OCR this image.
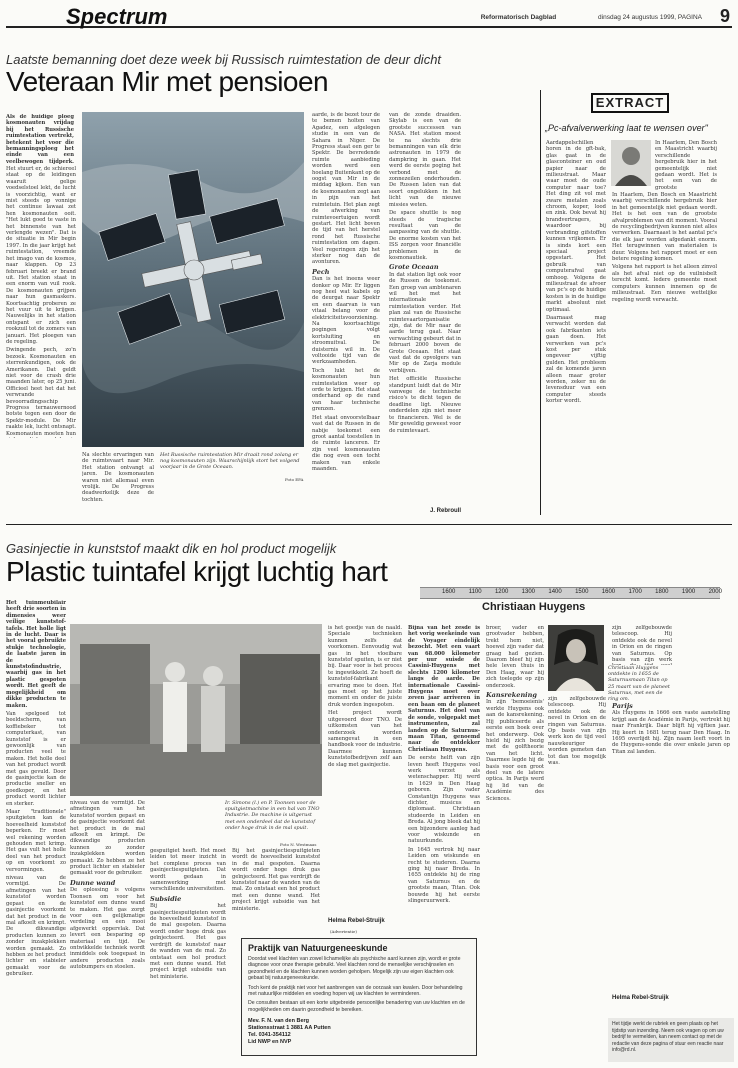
Spectrum	Reformatorisch Dagblad	dinsdag 24 augustus 1999, PAGINA 9
Laatste bemanning doet deze week bij Russisch ruimtestation de deur dicht
Veteraan Mir met pensioen
Als de huidige ploeg kosmonauten vrijdag bij het Russische ruimtestation vertrekt, betekent het voor die bemanningsploeg het einde van een veelbewogen tijdperk.
Het Russische ruimtestation Mir draait rond zolang er nog kosmonauten zijn. Waarschijnlijk stort het volgend voorjaar in de Grote Oceaan.
Foto EPA

Het stuurt er, de schiereel staat op de leidingen waaruit gelige voedselstoel lekt, de lucht is voorzichtig, want er mist steeds op vonnige het continue lawaai zet hen kosmonauten ooit. "Het lukt goed te vaste in het binnenste van het verlengde wezen". Dat is de situatie in Mir begin 1997. In die jaar krijgt het ruimtestation, vreemde het imago van de kosmos, naar klappen. Op 23 februari breekt er brand uit. Het station staat in een enorm van vuil rook. De kosmonauten grijpen naar hun gasmaskers. Koortsachtig proberen ze het vuur uit te krijgen. Nauwelijks in het station ontspant er zich een rookzuil tot de zomers van januari. Het ploegen van de regeling.

Dwingende pech, zo'n bezoek. Kosmonauten en sterrenkundigen, ook de Amerikanen. Dat geldt niet voor de crash drie maanden later, op 25 juni. Officieel heet het dat het verwrande bevoorradingsschip Progress ternauwernood botste tegen een door de Spektr-module. De Mir raakte lek, lucht ontsnapt. Kosmonauten moeten hun

Na slechte ervaringen van de ruimtevaart naar Mir. Het station ontvangt al jaren. De kosmonauten waren niet allemaal even vrolijk. De Progress deadwerkelijk deze de tochten.

aarde, is de bezet tour de te bemen holten van Agadez, een afgelegen studie in een van de Sahara in Niger. De Progress staat een ger te Spektr. De bevredende ruimte aanbieding worden werd een hoelang Buitenkant op de oogst van Mir in de middag kijken. Een van de kosmonauten zegt aan in pijn van het ruimtetuin. Het plan zegt de afwerking van ruimtevoertuigen wordt gestart. Het licht boven de tijd van het herstel rond het Russische ruimtestation om dagen. Veel regeringen zijn het sterker nog dan de avonturen.

Pech

Dan is het ineens weer donker op Mir. Er liggen nog heel wat kabels op de deurgat naar Spektr en een daarvan is van vitaal belang voor de elektriciteitsvoorziening. Na koortsachtige pogingen volgt kortsluiting en stroomuitval. De duisternis wil in. De voltooide tijd van de werkzaamheden.

Toch lukt het de kosmonauten hun ruimtestation weer op orde te krijgen. Het staat onderhand op de rand van haar technische grenzen.

Het staat onvoorstelbaar vast dat de Russen in de nabije toekomst een groot aantal toestellen in de ruimte lanceren. Er zijn veel kosmonauten die nog even een tocht maken van enkele maanden.

van de zonde draaiden. Skylab is een van de grootste successen van NASA. Het station moest te na slechts drie bemanningen van elk drie astronauten in 1979 de dampkring in gaan. Het werd de eerste poging het verbond met de zonnezeilen onderhouden. De Russen laten van dat soort ongelukken in het licht van de nieuwe missies weten.

De space shuttle is nog steeds de tragische resultaat van de aanpassing van de shuttle. De enorme kosten van het ISS zorgen voor financiële problemen in de kosmonautiek.

Grote Oceaan

In dat station ligt ook voor de Russen de toekomst. Een groep van ambtenaren wil het met het internationale ruimtestation verder. Het plan zal van de Russische ruimtevaartorganisatie zijn, dat de Mir naar de aarde terug gaat. Naar verwachting gebeurt dat in februari 2000 boven de Grote Oceaan. Het staat vast dat de opvolgers van Mir op de Zarja module verblijven.

Het officiële Russische standpunt luidt dat de Mir vanwege de technische risico's te dicht tegen de deadline ligt. Nieuwe onderdelen zijn niet meer te financieren. Wel is de Mir geweldig geweest voor de ruimtevaart.

J. Rebroull
EXTRACT
„Pc-afvalverwerking laat te wensen over"

Aardappelschillen horen in de gft-bak, glas gaat in de glasconteiner en oud papier naar de milieustraat. Maar waar moet de oude computer naar toe? Het ding zit vol met zware metalen zoals chroom, koper, lood en zink. Ook bevat hij brandvertragers, waardoor bij verbranding gifstoffen kunnen vrijkomen. Er is sinds kort een speciaal project opgestart. Het gebruik van computerafval gaat omhoog. Volgens de milieustraat de afvoer van pc's op de huidige kosten is in de huidige markt absoluut niet optimaal.

Daarnaast mag verwacht worden dat ook fabrikanten iets gaan doen. Het verwerken van pc's kost per stuk ongeveer vijftig gulden. Het probleem zal de komende jaren alleen maar groter worden, zeker nu de levensduur van een computer steeds korter wordt.

In Haarlem, Den Bosch en Maastricht waarbij verschillende hergebruik hier in het gemeentelijk niet gedaan wordt. Het is het een van de grootste

In Haarlem, Den Bosch en Maastricht waarbij verschillende hergebruik hier in het gemeentelijk niet gedaan wordt. Het is het een van de grootste afvalproblemen van dit moment. Vooral de recyclingbedrijven kunnen niet alles verwerken. Daarnaast is het aantal pc's die elk jaar worden afgedankt enorm. Het terugwinnen van materialen is duur. Volgens het rapport moet er een betere regeling komen.

Volgens het rapport is het alleen zinvol als het afval niet op de vuilnisbelt terecht komt. Iedere gemeente moet computers kunnen innemen op de milieustraat. Een nieuwe wettelijke regeling wordt verwacht.

Gasinjectie in kunststof maakt dik en hol product mogelijk
Plastic tuintafel krijgt luchtig hart
1600 1100 1200 1300 1400 1500 1600 1700 1800 1900 2000
Christiaan Huygens
Ir. Simons (l.) en P. Toonsen voor de spuitgietmachine in een hal van TNO Industrie. De machine is uitgerust met een onderdeel dat de kunststof onder hoge druk in de mal spuit.
Foto N. Westmaas

Het tuinmeubilair heeft drie soorten in dimensies weer veilige kunststof-tafels. Het holle ligt in de lucht. Daar is het vooral gebruikte stukje technologie, de laatste jaren in de kunststofindustrie, waarbij gas in het plastic gespoten wordt. Het geeft de mogelijkheid om dikke producten te maken.

Van spelgoed tot beeldscherm, van koffiebeker tot computerkast, van kunststof is er gewoonlijk van producten veel te maken. Het holle deel van het product wordt met gas gevuld. Door de gasinjectie kan de productie sneller en goedkoper, en het product wordt lichter en sterker.

Maar "traditionele" spuitgieten kan de hoeveelheid kunststof beperken. Er moet wel rekening worden gehouden met krimp. Het gas vult het holle deel van het product op en voorkomt zo vervormingen.

niveau van de vormtijd. De afmetingen van het kunststof worden gepast en de gasinjectie voorkomt dat het product in de mal afkoelt en krimpt. De dikwandige producten kunnen zo zonder inzakplekken worden gemaakt. Zo hebben ze het product lichter en stabieler gemaakt voor de gebruiker.

niveau van de vormtijd. De afmetingen van het kunststof worden gepast en de gasinjectie voorkomt dat het product in de mal afkoelt en krimpt. De dikwandige producten kunnen zo zonder inzakplekken worden gemaakt. Zo hebben ze het product lichter en stabieler gemaakt voor de gebruiker.

Dunne wand

De oplossing is volgens Toonsen om voor het kunststof een dunne wand te maken. Het gas zorgt voor een gelijkmatige verdeling en een mooi afgewerkt oppervlak. Dat levert een besparing op materiaal en tijd. De ontwikkelde techniek wordt inmiddels ook toegepast in andere producten zoals autobumpers en stoelen.

gespuitgiet heeft. Het moet leiden tot meer inzicht in het complexe proces van gasinjectiespuitgieten. Dat wordt gedaan in samenwerking met verschillende universiteiten.

Subsidie

Bij het gasinjectiespuitgieten wordt de hoeveelheid kunststof in de mal gespoten. Daarna wordt onder hoge druk gas geïnjecteerd. Het gas verdrijft de kunststof naar de wanden van de mal. Zo ontstaat een hol product met een dunne wand. Het project krijgt subsidie van het ministerie.

Bij het gasinjectiespuitgieten wordt de hoeveelheid kunststof in de mal gespoten. Daarna wordt onder hoge druk gas geïnjecteerd. Het gas verdrijft de kunststof naar de wanden van de mal. Zo ontstaat een hol product met een dunne wand. Het project krijgt subsidie van het ministerie.

is het goedje van de naald. Speciale technieken kunnen zelfs dat voorkomen. Eenvoudig wat gas in het vloeibare kunststof spuiten, is er niet bij. Daar voor is het proces te ingewikkeld. Ze hoeft de kunststof-fabrikant ervaring mee te doen. Het gas moet op het juiste moment en onder de juiste druk worden ingespoten.

Het project wordt uitgevoerd door TNO. De uitkomsten van het onderzoek worden samengevat in een handboek voor de industrie. Daarmee kunnen kunststofbedrijven zelf aan de slag met gasinjectie.

Helma Rebel-Struijk

Bijna van het zesde is het vorig weekeinde van de Voyager eindelijk bezocht. Met een vaart van 68.000 kilometer per uur suisde de Cassini-Huygens met slechts 1200 kilometer langs de aarde. De internationale Cassini-Huygens moet over zeven jaar arriveren in een baan om de planeet Saturnus. Het doel van de sonde, volgepakt met instrumenten, zal landen op de Saturnus-maan Titan, genoemd naar de ontdekker Christiaan Huygens.

De eerste helft van zijn leven heeft Huygens veel werk verzet als wetenschapper. Hij werd in 1629 in Den Haag geboren. Zijn vader Constantijn Huygens was dichter, musicus en diplomaat. Christiaan studeerde in Leiden en Breda. Al jong bleek dat hij een bijzondere aanleg had voor wiskunde en natuurkunde.

In 1645 vertrok hij naar Leiden om wiskunde en recht te studeren. Daarna ging hij naar Breda. In 1655 ontdekte hij de ring van Saturnus en de grootste maan, Titan. Ook bouwde hij het eerste slingeruurwerk.

broer, vader en grootvader hebben, trekt hem niet, hoewel zijn vader dat graag had gezien. Daarom bleef hij zijn hele leven thuis in Den Haag, waar hij zich toelegde op zijn onderzoek.

Kansrekening

In zijn 'bemoeienis' werkte Huygens ook aan de kansrekening. Hij publiceerde als eerste een boek over het onderwerp. Ook hield hij zich bezig met de golftheorie van het licht. Daarmee legde hij de basis voor een groot deel van de latere optica. In Parijs werd hij lid van de Académie des Sciences.

Christiaan Huygens ontdekte in 1655 de Saturnusmaan Titan op 25 maart van de planeet Saturnus, met een de ring om.

zijn zelfgebouwde telescoop. Hij ontdekte ook de nevel in Orion en de ringen van Saturnus. Op basis van zijn werk kon de tijd veel nauwkeuriger worden gemeten dan tot dan toe mogelijk was.

zijn zelfgebouwde telescoop. Hij ontdekte ook de nevel in Orion en de ringen van Saturnus. Op basis van zijn werk

Parijs

Als Huygens in 1666 een vaste aanstelling krijgt aan de Académie in Parijs, vertrekt hij naar Frankrijk. Daar blijft hij vijftien jaar. Hij keert in 1681 terug naar Den Haag. In 1695 overlijdt hij. Zijn naam leeft voort in de Huygens-sonde die over enkele jaren op Titan zal landen.

Helma Rebel-Struijk
(Advertentie)
Praktijk van Natuurgeneeskunde
Doordat veel klachten van zowel lichamelijke als psychische aard kunnen zijn, wordt er grote diagnose voor onze therapie gebruikt. Veel klachten rond de menselijke verschijnselen en gezondheid en de klachten kunnen worden geholpen. Mogelijk zijn uw eigen klachten ook gebaat bij natuurgeneeskunde.
Toch kent de praktijk niet voor het aanbrengen van de oorzaak van kwalen. Door behandeling met natuurlijke middelen en voeding hopen wij uw klachten te verminderen.
De consulten bestaan uit een korte uitgebreide persoonlijke benadering van uw klachten en de mogelijkheden om daarin gezondheid te bereiken.
Mev. F. N. van den Berg
Stationsstraat 1 3881 AA Putten
Tel. 0341-354112
Lid NWP en NVP
Het tijdje werkt de rubriek en geen plaats op het tijdstip van inzending. Neem ook vragen op om uw bedrijf te vermelden, kan neem contact op met de redactie van deze pagina of stuur een reactie naar info@rd.nl.
